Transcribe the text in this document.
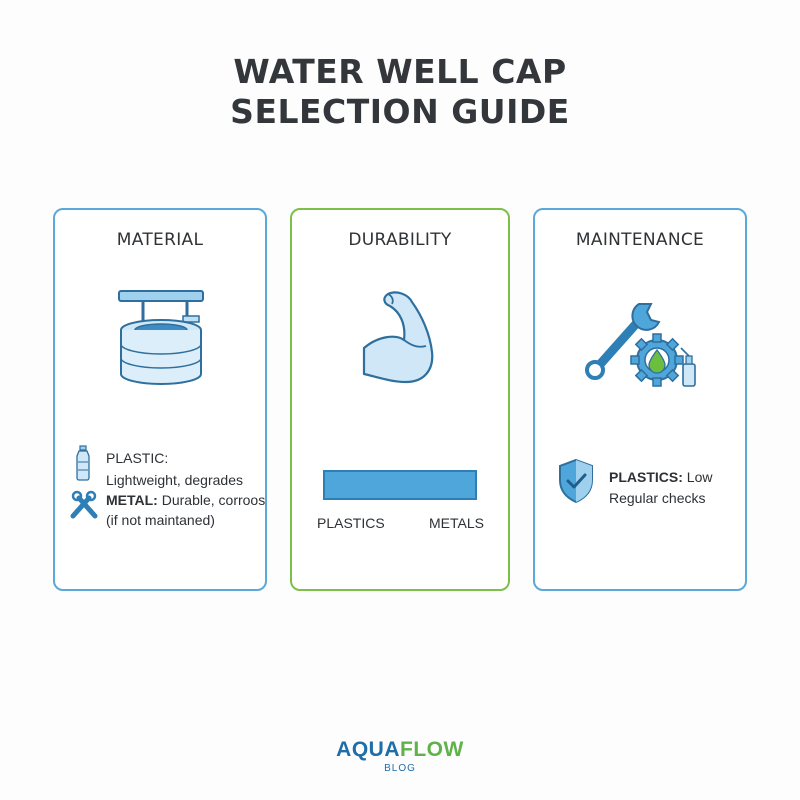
WATER WELL CAP
SELECTION GUIDE
MATERIAL
PLASTIC:
Lightweight, degrades
METAL: Durable, corroos
(if not maintaned)
DURABILITY
PLASTICS	METALS
MAINTENANCE
PLASTICS: Low
Regular checks
AQUAFLOW
BLOG
